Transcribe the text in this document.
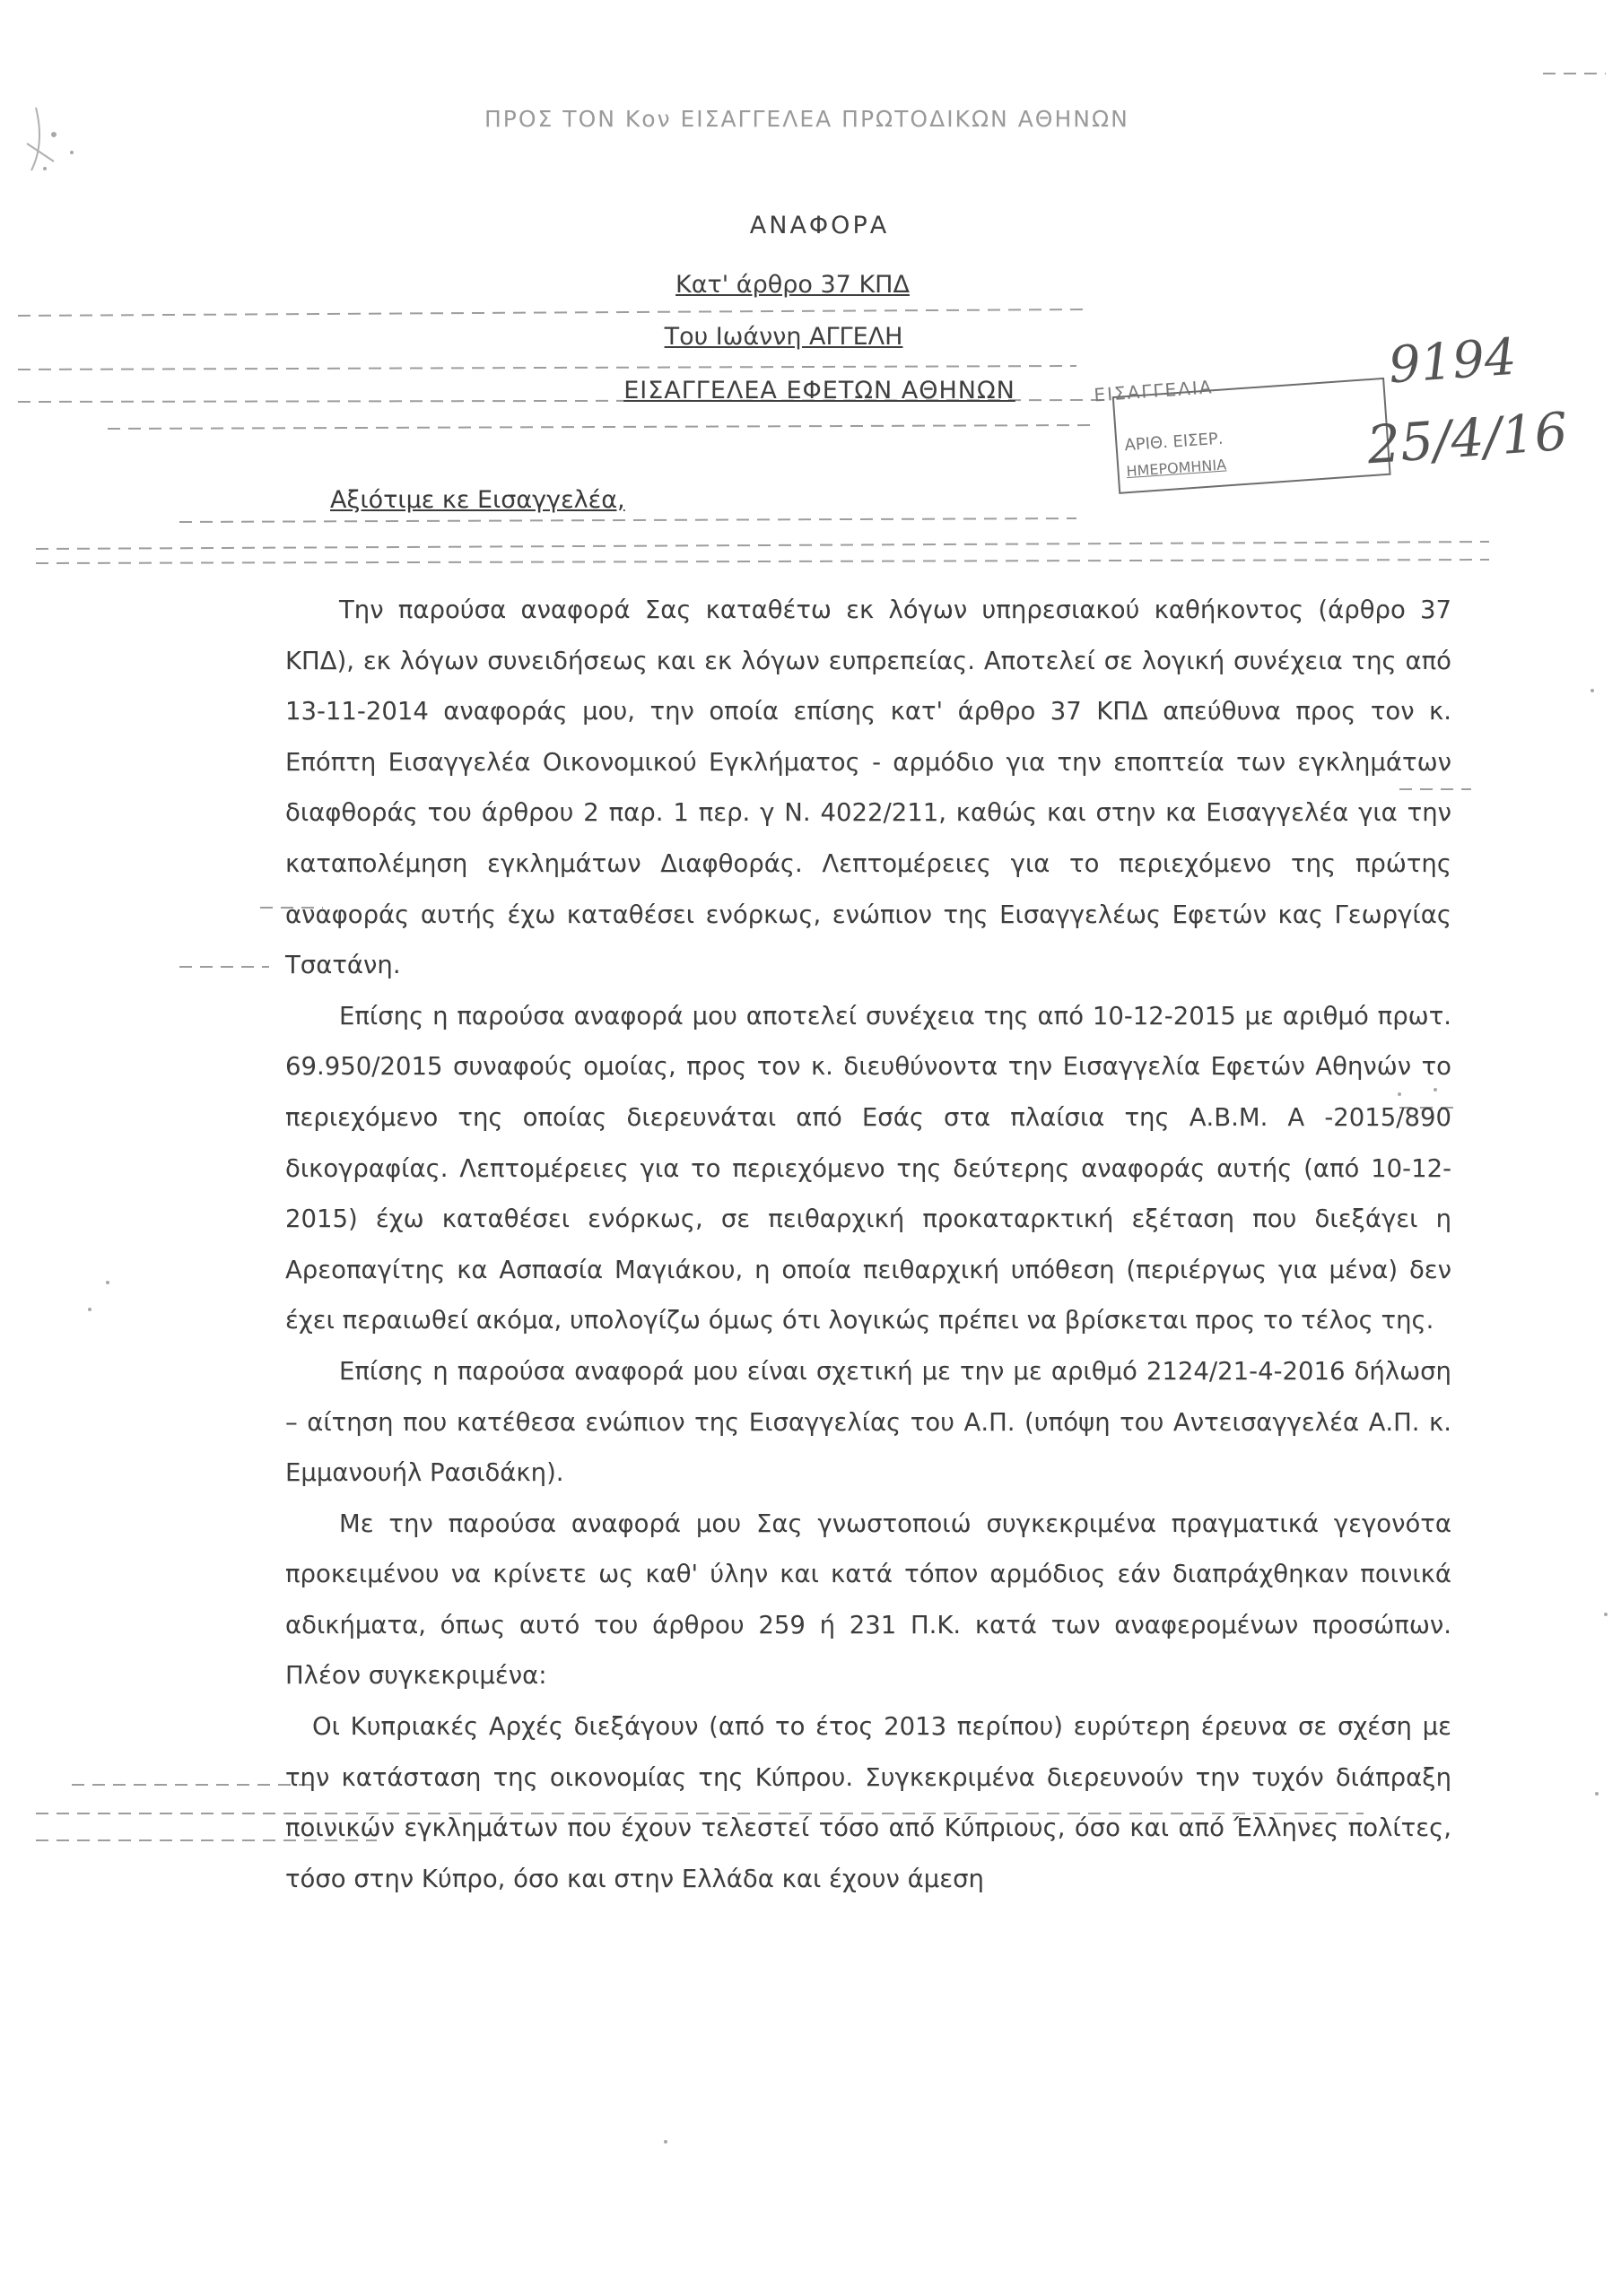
ΠΡΟΣ ΤΟΝ Κον ΕΙΣΑΓΓΕΛΕΑ ΠΡΩΤΟΔΙΚΩΝ ΑΘΗΝΩΝ
ΑΝΑΦΟΡΑ
Κατ' άρθρο 37 ΚΠΔ
Του Ιωάννη ΑΓΓΕΛΗ
ΕΙΣΑΓΓΕΛΕΑ ΕΦΕΤΩΝ ΑΘΗΝΩΝ	ΕΙΣΑΓΓΕΛΙΑ	9194
ΑΡΙΘ. ΕΙΣΕΡ.
ΗΜΕΡΟΜΗΝΙΑ	25/4/16
Αξιότιμε κε Εισαγγελέα,

Την παρούσα αναφορά Σας καταθέτω εκ λόγων υπηρεσιακού καθήκοντος (άρθρο 37 ΚΠΔ), εκ λόγων συνειδήσεως και εκ λόγων ευπρεπείας. Αποτελεί σε λογική συνέχεια της από 13-11-2014 αναφοράς μου, την οποία επίσης κατ' άρθρο 37 ΚΠΔ απεύθυνα προς τον κ. Επόπτη Εισαγγελέα Οικονομικού Εγκλήματος - αρμόδιο για την εποπτεία των εγκλημάτων διαφθοράς του άρθρου 2 παρ. 1 περ. γ Ν. 4022/211, καθώς και στην κα Εισαγγελέα για την καταπολέμηση εγκλημάτων Διαφθοράς. Λεπτομέρειες για το περιεχόμενο της πρώτης αναφοράς αυτής έχω καταθέσει ενόρκως, ενώπιον της Εισαγγελέως Εφετών κας Γεωργίας Τσατάνη.

Επίσης η παρούσα αναφορά μου αποτελεί συνέχεια της από 10-12-2015 με αριθμό πρωτ. 69.950/2015 συναφούς ομοίας, προς τον κ. διευθύνοντα την Εισαγγελία Εφετών Αθηνών το περιεχόμενο της οποίας διερευνάται από Εσάς στα πλαίσια της Α.Β.Μ. Α -2015/890 δικογραφίας. Λεπτομέρειες για το περιεχόμενο της δεύτερης αναφοράς αυτής (από 10-12-2015) έχω καταθέσει ενόρκως, σε πειθαρχική προκαταρκτική εξέταση που διεξάγει η Αρεοπαγίτης κα Ασπασία Μαγιάκου, η οποία πειθαρχική υπόθεση (περιέργως για μένα) δεν έχει περαιωθεί ακόμα, υπολογίζω όμως ότι λογικώς πρέπει να βρίσκεται προς το τέλος της.

Επίσης η παρούσα αναφορά μου είναι σχετική με την με αριθμό 2124/21-4-2016 δήλωση – αίτηση που κατέθεσα ενώπιον της Εισαγγελίας του Α.Π. (υπόψη του Αντεισαγγελέα Α.Π. κ. Εμμανουήλ Ρασιδάκη).

Με την παρούσα αναφορά μου Σας γνωστοποιώ συγκεκριμένα πραγματικά γεγονότα προκειμένου να κρίνετε ως καθ' ύλην και κατά τόπον αρμόδιος εάν διαπράχθηκαν ποινικά αδικήματα, όπως αυτό του άρθρου 259 ή 231 Π.Κ. κατά των αναφερομένων προσώπων. Πλέον συγκεκριμένα:

Οι Κυπριακές Αρχές διεξάγουν (από το έτος 2013 περίπου) ευρύτερη έρευνα σε σχέση με την κατάσταση της οικονομίας της Κύπρου. Συγκεκριμένα διερευνούν την τυχόν διάπραξη ποινικών εγκλημάτων που έχουν τελεστεί τόσο από Κύπριους, όσο και από Έλληνες πολίτες, τόσο στην Κύπρο, όσο και στην Ελλάδα και έχουν άμεση
